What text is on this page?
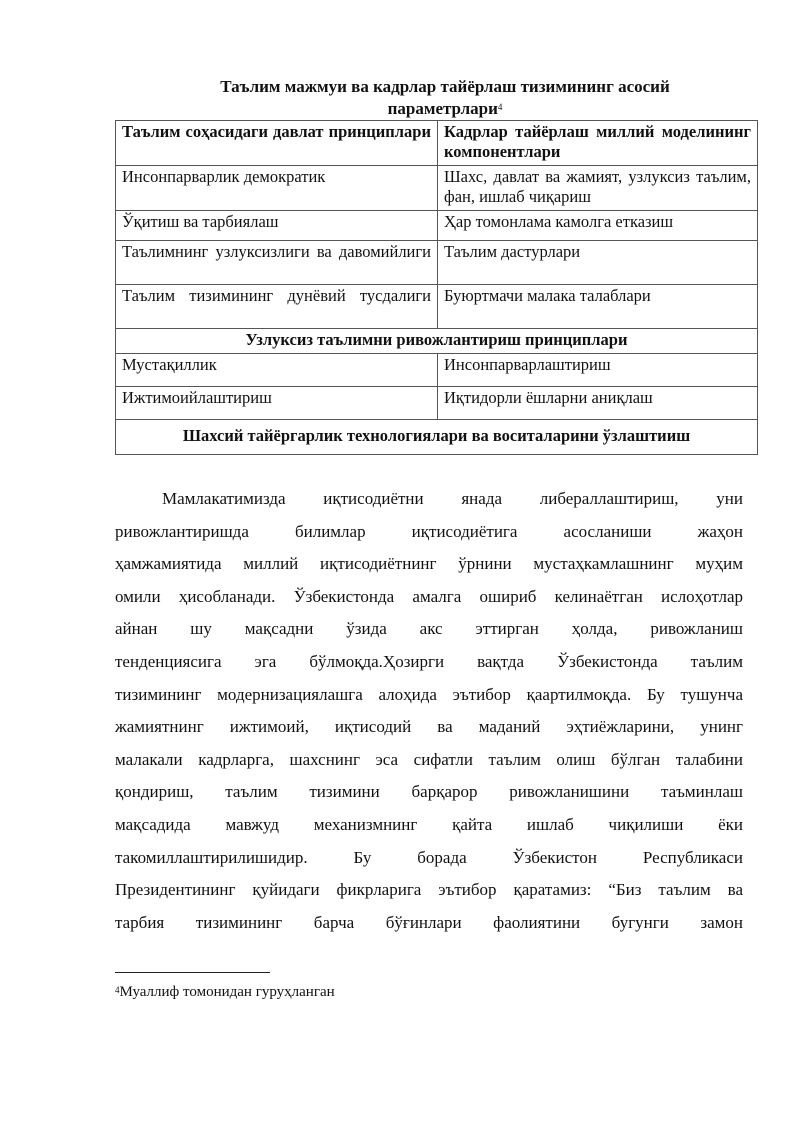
Таълим мажмуи ва кадрлар тайёрлаш тизимининг асосий
параметрлари$^4$
Таълим соҳасидаги давлат принциплари	Кадрлар тайёрлаш миллий моделининг компонентлари
Инсонпарварлик демократик	Шахс, давлат ва жамият, узлуксиз таълим, фан, ишлаб чиқариш
Ўқитиш ва тарбиялаш	Ҳар томонлама камолга етказиш
Таълимнинг узлуксизлиги ва давомийлиги	Таълим дастурлари
Таълим тизимининг дунёвий тусдалиги	Буюртмачи малака талаблари
Узлуксиз таълимни ривожлантириш принциплари	
Мустақиллик	Инсонпарварлаштириш
Ижтимоийлаштириш	Иқтидорли ёшларни аниқлаш
Шахсий тайёргарлик технологиялари ва воситаларини ўзлаштииш	
Мамлакатимизда иқтисодиётни янада либераллаштириш, уни
ривожлантиришда билимлар иқтисодиётига асосланиши жаҳон
ҳамжамиятида миллий иқтисодиётнинг ўрнини мустаҳкамлашнинг муҳим
омили ҳисобланади. Ўзбекистонда амалга ошириб келинаётган ислоҳотлар
айнан шу мақсадни ўзида акс эттирган ҳолда, ривожланиш
тенденциясига эга бўлмоқда.Ҳозирги вақтда Ўзбекистонда таълим
тизимининг модернизациялашга алоҳида эътибор қаартилмоқда. Бу тушунча
жамиятнинг ижтимоий, иқтисодий ва маданий эҳтиёжларини, унинг
малакали кадрларга, шахснинг эса сифатли таълим олиш бўлган талабини
қондириш, таълим тизимини барқарор ривожланишини таъминлаш
мақсадида мавжуд механизмнинг қайта ишлаб чиқилиши ёки
такомиллаштирилишидир. Бу борада Ўзбекистон Республикаси
Президентининг қуйидаги фикрларига эътибор қаратамиз: “Биз таълим ва
тарбия тизимининг барча бўғинлари фаолиятини бугунги замон
$^4$Муаллиф томонидан гуруҳланган
